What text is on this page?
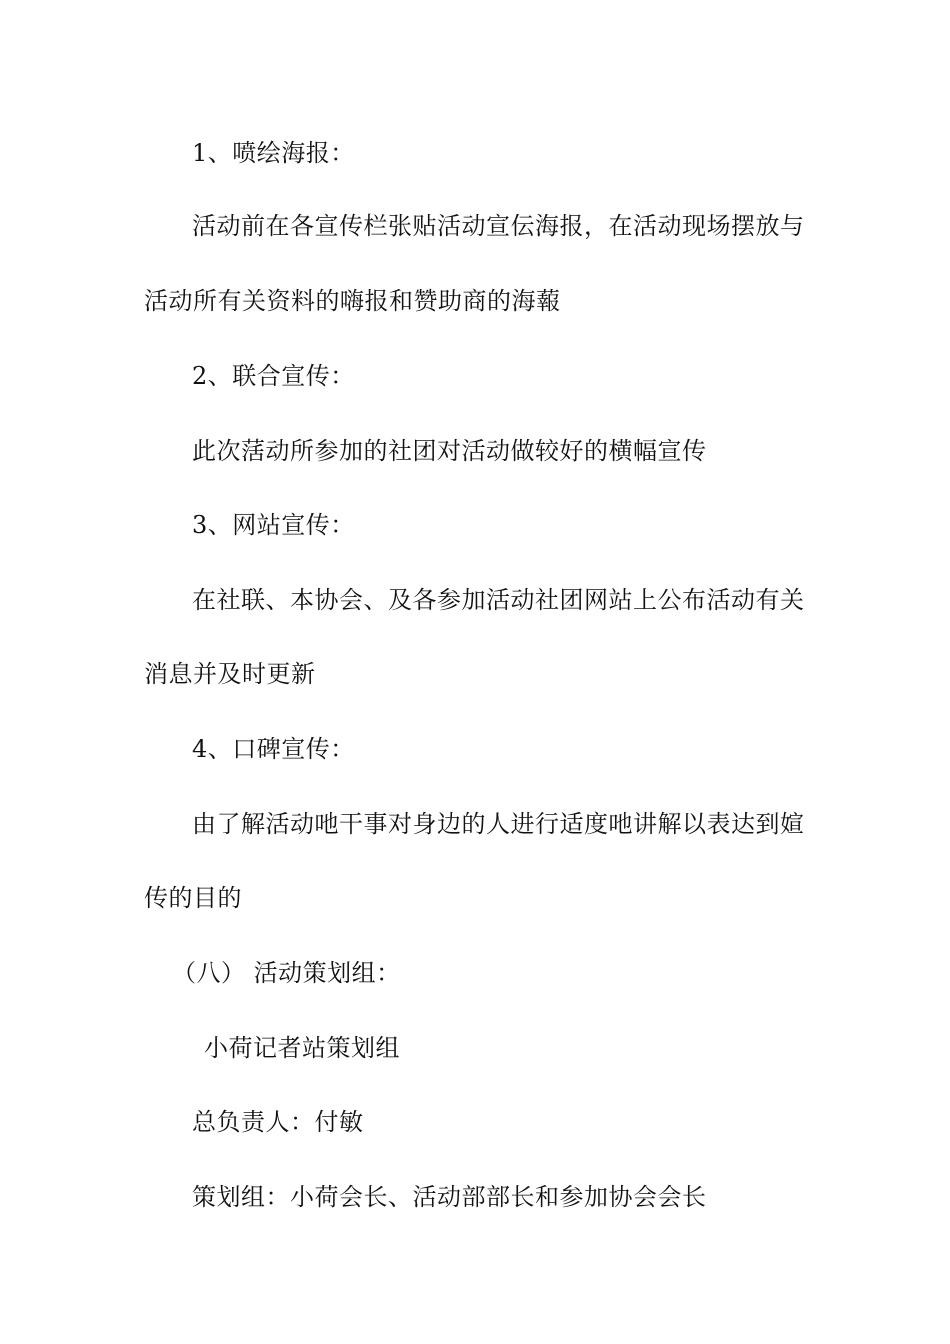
1、喷绘海报：
活动前在各宣传栏张贴活动宣伝海报，在活动现场摆放与
活动所有关资料的嗨报和赞助商的海蕔
2、联合宣传：
此次萿动所参加的社团对活动做较好的横幅宣传
3、网站宣传：
在社联、本协会、及各参加活动社团网站上公布活动有关
消息并及时更新
4、口碑宣传：
由了解活动吔干事对身边的人进行适度吔讲解以表达到媗
传的目的
（八） 活动策划组：
小荷记者站策划组
总负责人：付敏
策划组：小荷会长、活动部部长和参加协会会长
